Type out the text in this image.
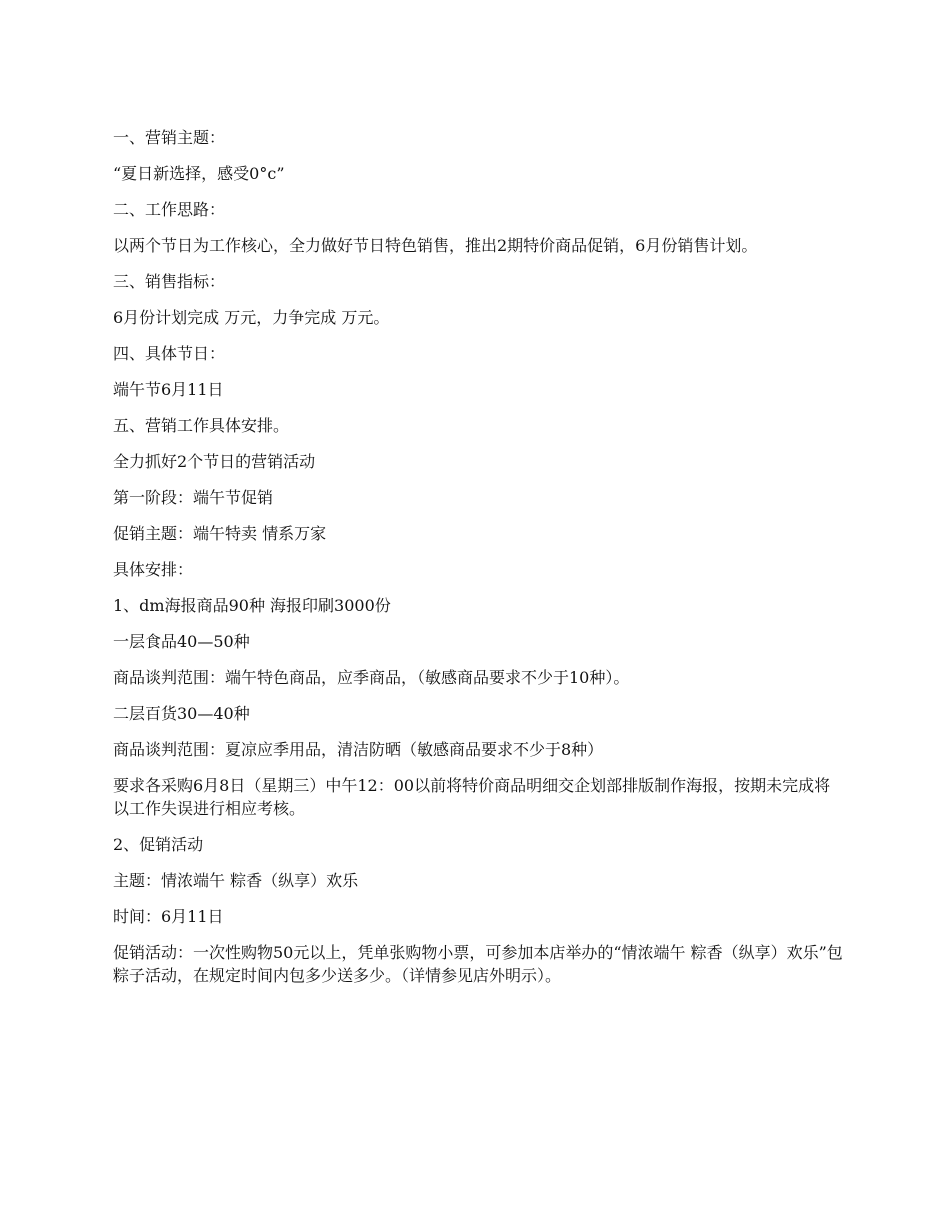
一、营销主题：

“夏日新选择，感受0°c”

二、工作思路：

以两个节日为工作核心，全力做好节日特色销售，推出2期特价商品促销，6月份销售计划。

三、销售指标：

6月份计划完成 万元，力争完成 万元。

四、具体节日：

端午节6月11日

五、营销工作具体安排。

全力抓好2个节日的营销活动

第一阶段：端午节促销

促销主题：端午特卖 情系万家

具体安排：

1、dm海报商品90种 海报印刷3000份

一层食品40—50种

商品谈判范围：端午特色商品，应季商品，（敏感商品要求不少于10种）。

二层百货30—40种

商品谈判范围：夏凉应季用品，清洁防晒（敏感商品要求不少于8种）

要求各采购6月8日（星期三）中午12：00以前将特价商品明细交企划部排版制作海报，按期未完成将以工作失误进行相应考核。

2、促销活动

主题：情浓端午 粽香（纵享）欢乐

时间：6月11日

促销活动：一次性购物50元以上，凭单张购物小票，可参加本店举办的“情浓端午 粽香（纵享）欢乐”包粽子活动，在规定时间内包多少送多少。（详情参见店外明示）。
